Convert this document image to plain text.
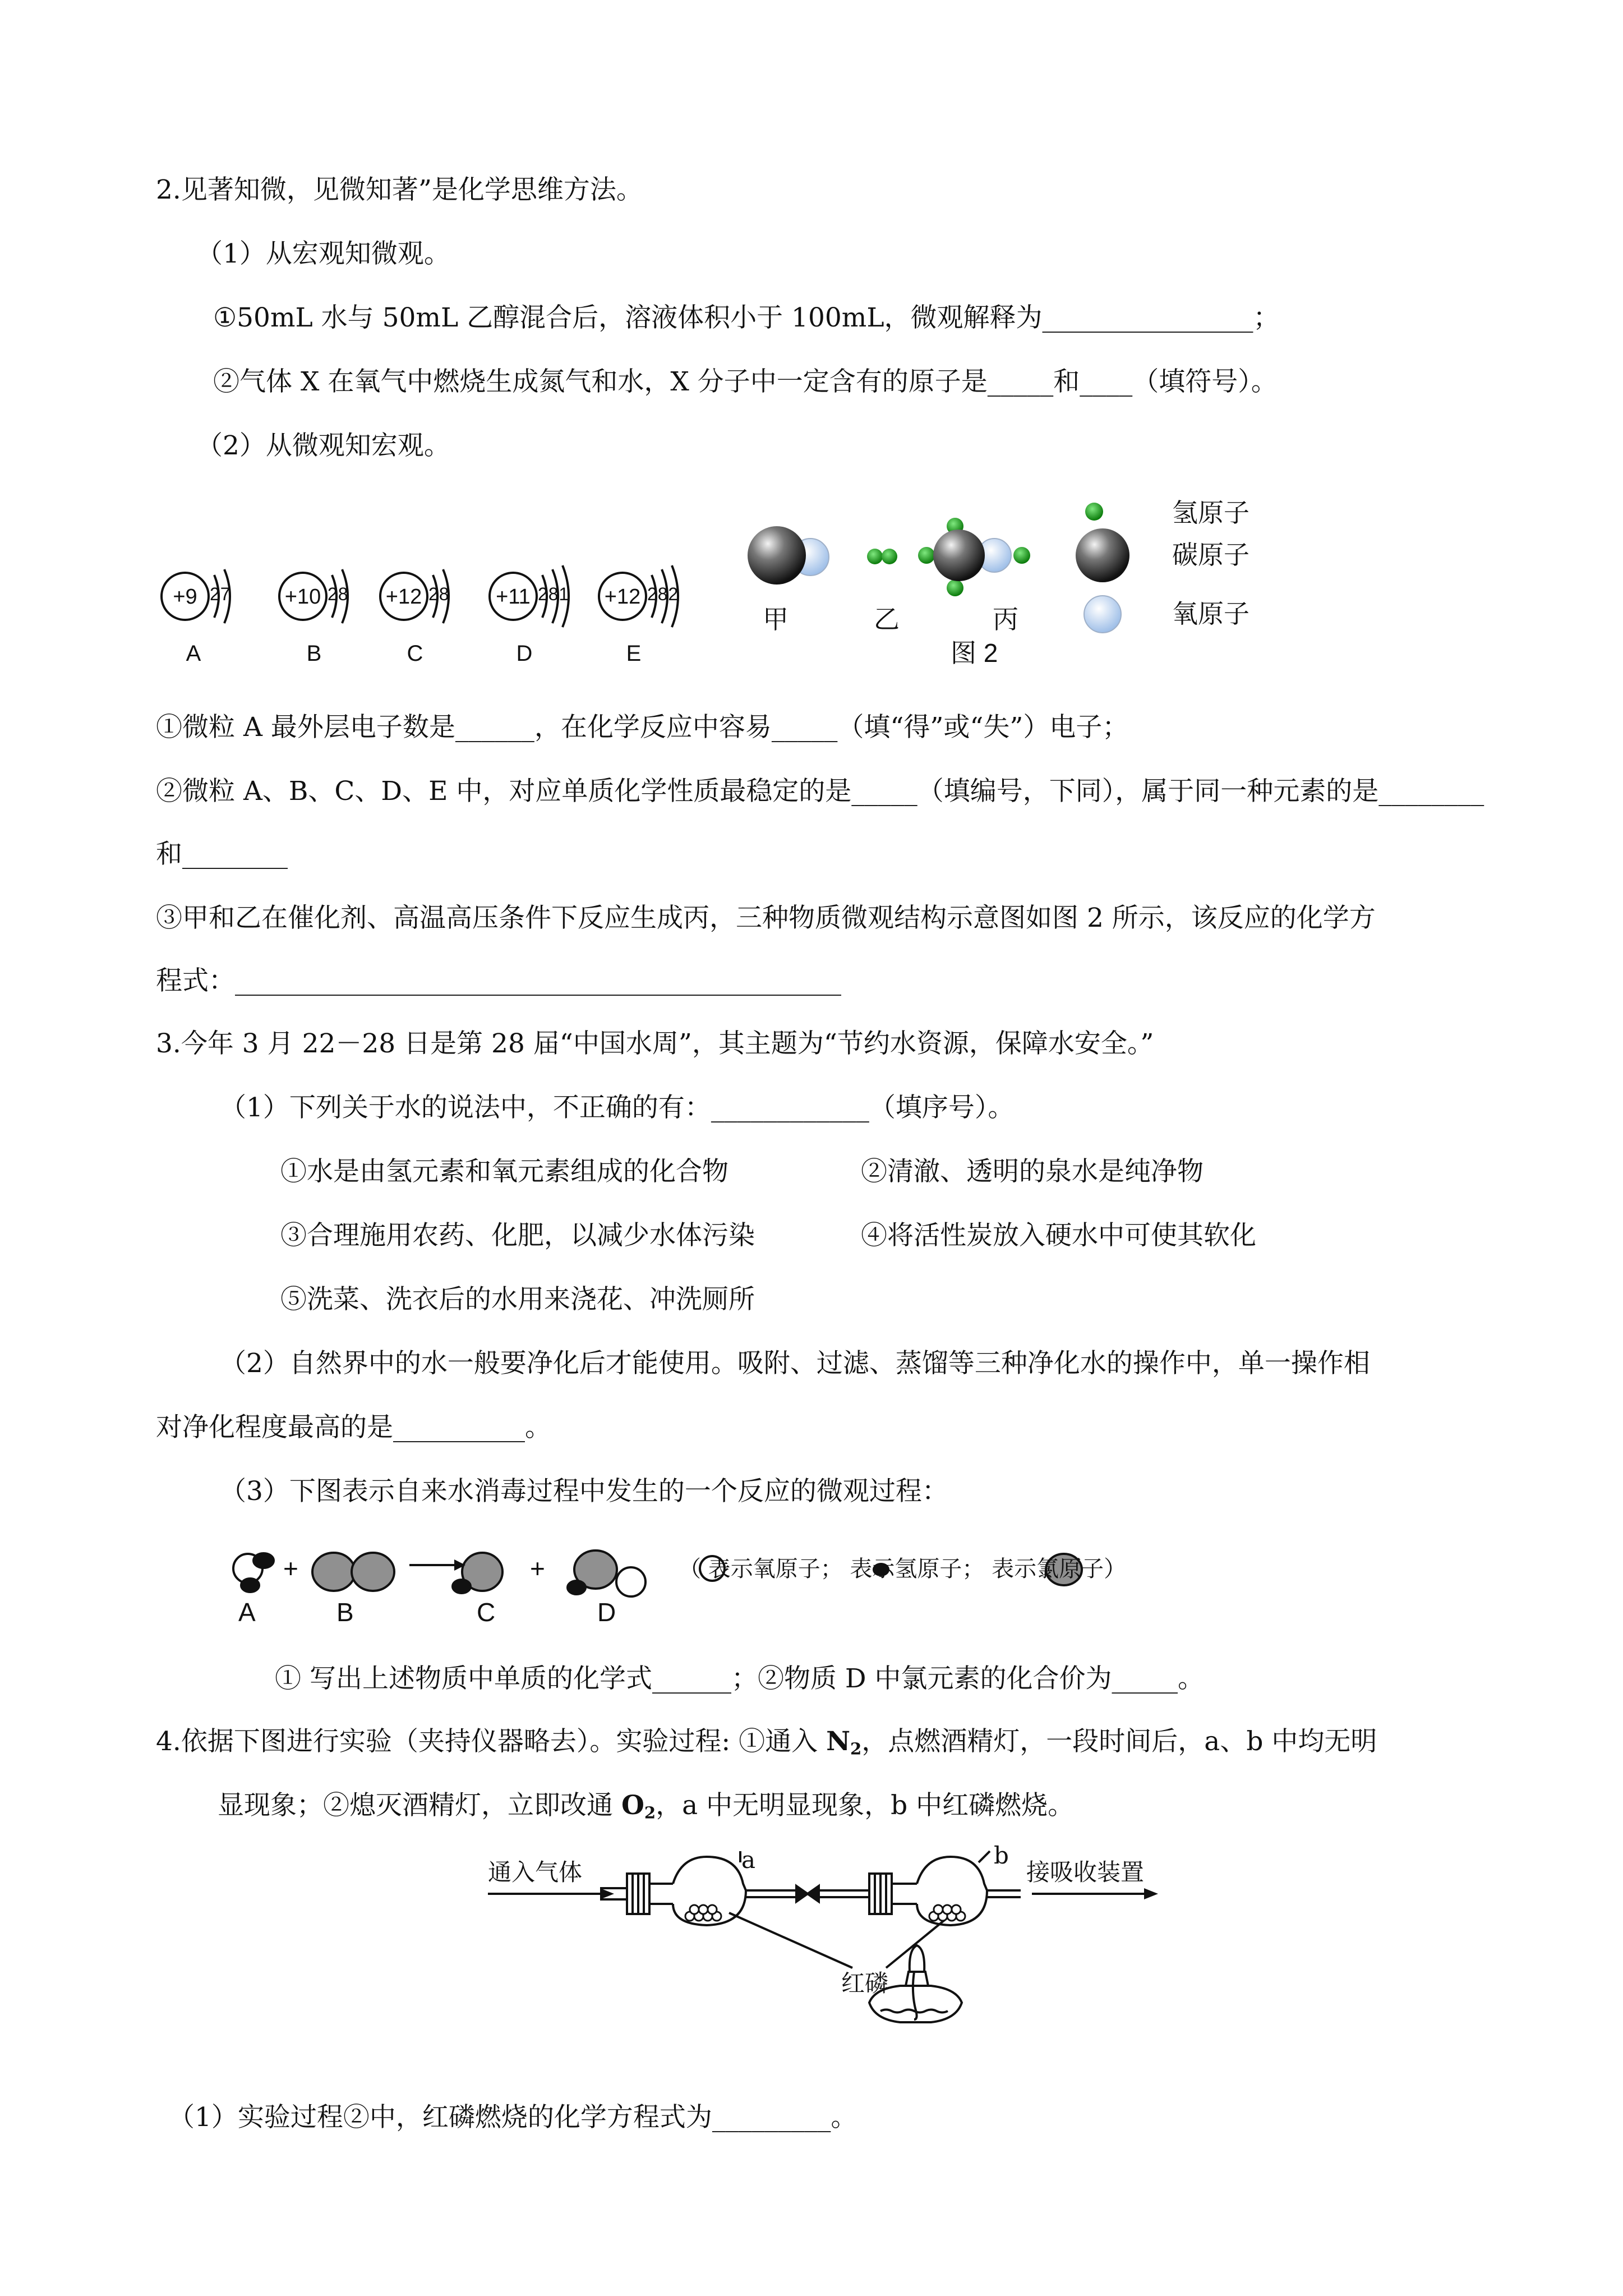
2.见著知微，见微知著”是化学思维方法。
（1）从宏观知微观。
①50mL 水与 50mL 乙醇混合后，溶液体积小于 100mL，微观解释为________________；
②气体 X 在氧气中燃烧生成氮气和水，X 分子中一定含有的原子是_____和____（填符号）。
（2）从微观知宏观。
+9	+10	+12	+11	+12
2 7	2 8	2 8	2 8 1	2 8 2
A	B	C	D	E
氢原子
碳原子
氧原子
甲	乙	丙
图 2
①微粒 A 最外层电子数是______，在化学反应中容易_____（填“得”或“失”）电子；
②微粒 A、B、C、D、E 中，对应单质化学性质最稳定的是_____（填编号，下同），属于同一种元素的是________
和________
③甲和乙在催化剂、高温高压条件下反应生成丙，三种物质微观结构示意图如图 2 所示，该反应的化学方
程式：______________________________________________
3.今年 3 月 22－28 日是第 28 届“中国水周”，其主题为“节约水资源，保障水安全。”
（1）下列关于水的说法中，不正确的有：____________（填序号）。
①水是由氢元素和氧元素组成的化合物	②清澈、透明的泉水是纯净物
③合理施用农药、化肥，以减少水体污染	④将活性炭放入硬水中可使其软化
⑤洗菜、洗衣后的水用来浇花、冲洗厕所
（2）自然界中的水一般要净化后才能使用。吸附、过滤、蒸馏等三种净化水的操作中，单一操作相
对净化程度最高的是__________。
（3）下图表示自来水消毒过程中发生的一个反应的微观过程：
+	+
A	B	C	D
（ 表示氧原子； 表示氢原子； 表示氯原子）
① 写出上述物质中单质的化学式______；②物质 D 中氯元素的化合价为_____。
4.依据下图进行实验（夹持仪器略去）。实验过程: ①通入 $N_2$，点燃酒精灯，一段时间后，a、b 中均无明
显现象；②熄灭酒精灯，立即改通 $O_2$，a 中无明显现象，b 中红磷燃烧。
通入气体	接吸收装置
a	b
红磷
（1）实验过程②中，红磷燃烧的化学方程式为_________。
